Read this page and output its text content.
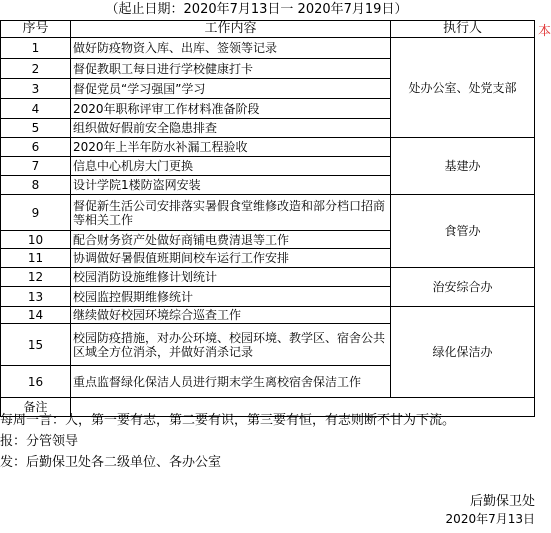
（起止日期：2020年7月13日一 2020年7月19日）
本
序号	工作内容	执行人
1	做好防疫物资入库、出库、签领等记录	处办公室、处党支部
2	督促教职工每日进行学校健康打卡	
3	督促党员“学习强国”学习	
4	2020年职称评审工作材料准备阶段	
5	组织做好假前安全隐患排查	
6	2020年上半年防水补漏工程验收	基建办
7	信息中心机房大门更换	
8	设计学院1楼防盗网安装	
9	督促新生活公司安排落实暑假食堂维修改造和部分档口招商等相关工作	食管办
10	配合财务资产处做好商铺电费清退等工作	
11	协调做好暑假值班期间校车运行工作安排	
12	校园消防设施维修计划统计	治安综合办
13	校园监控假期维修统计	
14	继续做好校园环境综合巡查工作	绿化保洁办
15	校园防疫措施，对办公环境、校园环境、教学区、宿舍公共区域全方位消杀，并做好消杀记录	
16	重点监督绿化保洁人员进行期末学生离校宿舍保洁工作	
备注		
每周一言：人，第一要有志，第二要有识，第三要有恒，有志则断不甘为下流。
报：分管领导
发：后勤保卫处各二级单位、各办公室
后勤保卫处
2020年7月13日
